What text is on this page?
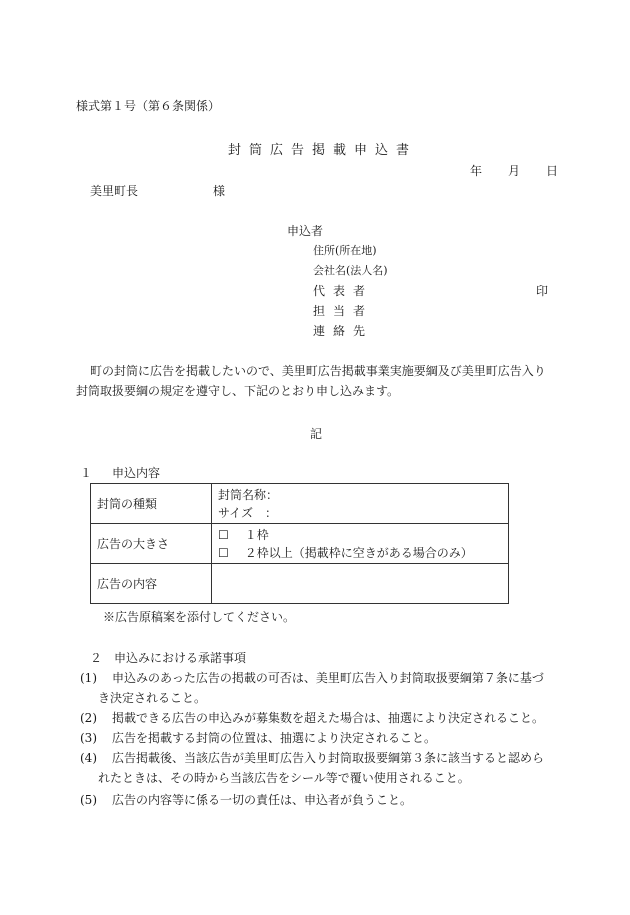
様式第１号（第６条関係）
封筒広告掲載申込書
年 月 日
美里町長	様
申込者
住所(所在地)
会社名(法人名)
代表者	印
担当者
連絡先
町の封筒に広告を掲載したいので、美里町広告掲載事業実施要綱及び美里町広告入り
封筒取扱要綱の規定を遵守し、下記のとおり申し込みます。
記
１ 申込内容
封筒の種類	封筒名称：
サイズ　：

広告の大きさ	☐ １枠
☐ ２枠以上（掲載枠に空きがある場合のみ）

広告の内容	
※広告原稿案を添付してください。
２　申込みにおける承諾事項
(1) 申込みのあった広告の掲載の可否は、美里町広告入り封筒取扱要綱第７条に基づ
き決定されること。
(2) 掲載できる広告の申込みが募集数を超えた場合は、抽選により決定されること。
(3) 広告を掲載する封筒の位置は、抽選により決定されること。
(4) 広告掲載後、当該広告が美里町広告入り封筒取扱要綱第３条に該当すると認めら
れたときは、その時から当該広告をシール等で覆い使用されること。
(5) 広告の内容等に係る一切の責任は、申込者が負うこと。
